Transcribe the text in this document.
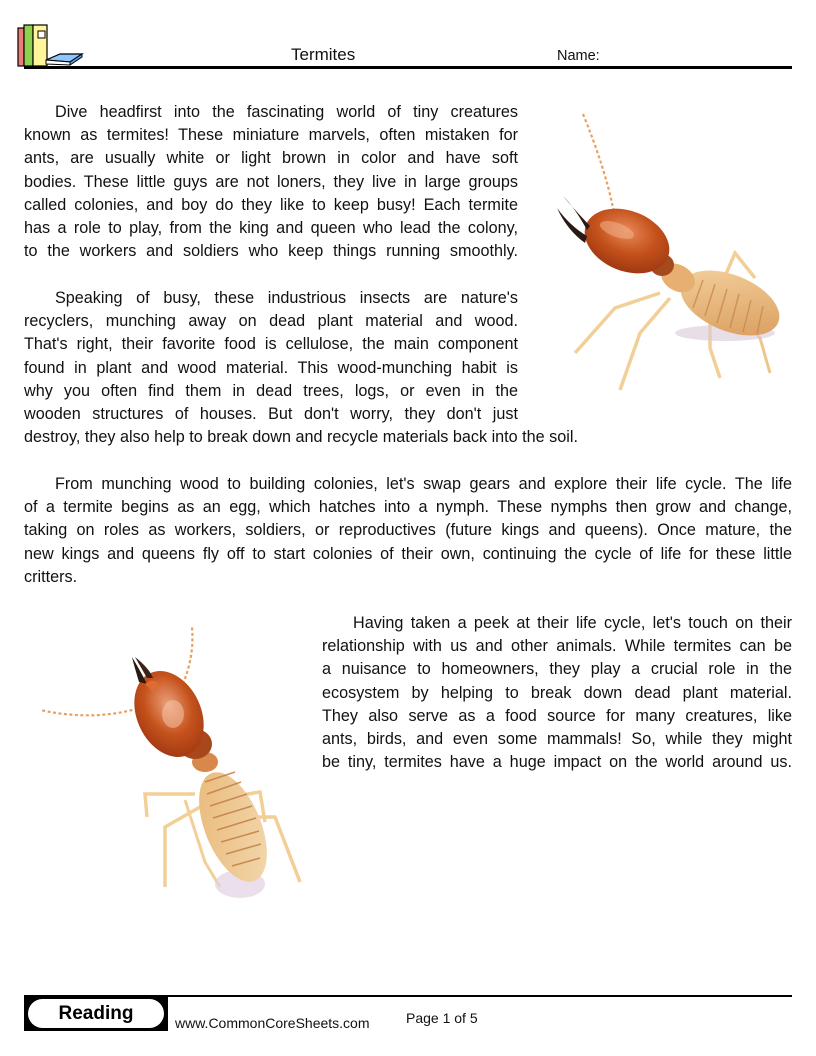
Termites	Name:
Dive headfirst into the fascinating world of tiny creatures
known as termites! These miniature marvels, often mistaken for
ants, are usually white or light brown in color and have soft
bodies. These little guys are not loners, they live in large groups
called colonies, and boy do they like to keep busy! Each termite
has a role to play, from the king and queen who lead the colony,
to the workers and soldiers who keep things running smoothly.
Speaking of busy, these industrious insects are nature's
recyclers, munching away on dead plant material and wood.
That's right, their favorite food is cellulose, the main component
found in plant and wood material. This wood-munching habit is
why you often find them in dead trees, logs, or even in the
wooden structures of houses. But don't worry, they don't just
destroy, they also help to break down and recycle materials back into the soil.
From munching wood to building colonies, let's swap gears and explore their life cycle. The life
of a termite begins as an egg, which hatches into a nymph. These nymphs then grow and change,
taking on roles as workers, soldiers, or reproductives (future kings and queens). Once mature, the
new kings and queens fly off to start colonies of their own, continuing the cycle of life for these little
critters.
Having taken a peek at their life cycle, let's touch on their
relationship with us and other animals. While termites can be
a nuisance to homeowners, they play a crucial role in the
ecosystem by helping to break down dead plant material.
They also serve as a food source for many creatures, like
ants, birds, and even some mammals! So, while they might
be tiny, termites have a huge impact on the world around us.
Reading	www.CommonCoreSheets.com	Page 1 of 5
